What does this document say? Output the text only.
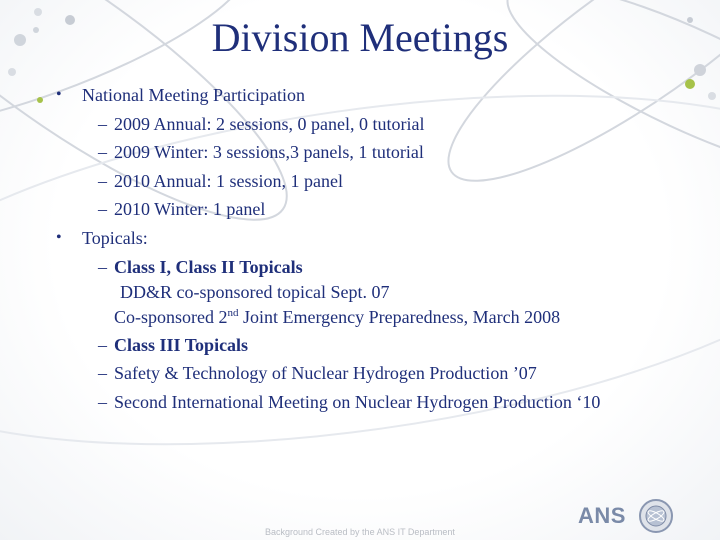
Division Meetings
• National Meeting Participation
– 2009 Annual: 2 sessions, 0 panel, 0 tutorial
– 2009 Winter: 3 sessions,3 panels, 1 tutorial
– 2010 Annual: 1 session, 1 panel
– 2010 Winter: 1 panel
• Topicals:
– Class I, Class II Topicals
DD&R co-sponsored topical Sept. 07
Co-sponsored 2nd Joint Emergency Preparedness, March 2008
– Class III Topicals
– Safety & Technology of Nuclear Hydrogen Production ’07
– Second International Meeting on Nuclear Hydrogen Production ‘10
ANS
Background Created by the ANS IT Department
